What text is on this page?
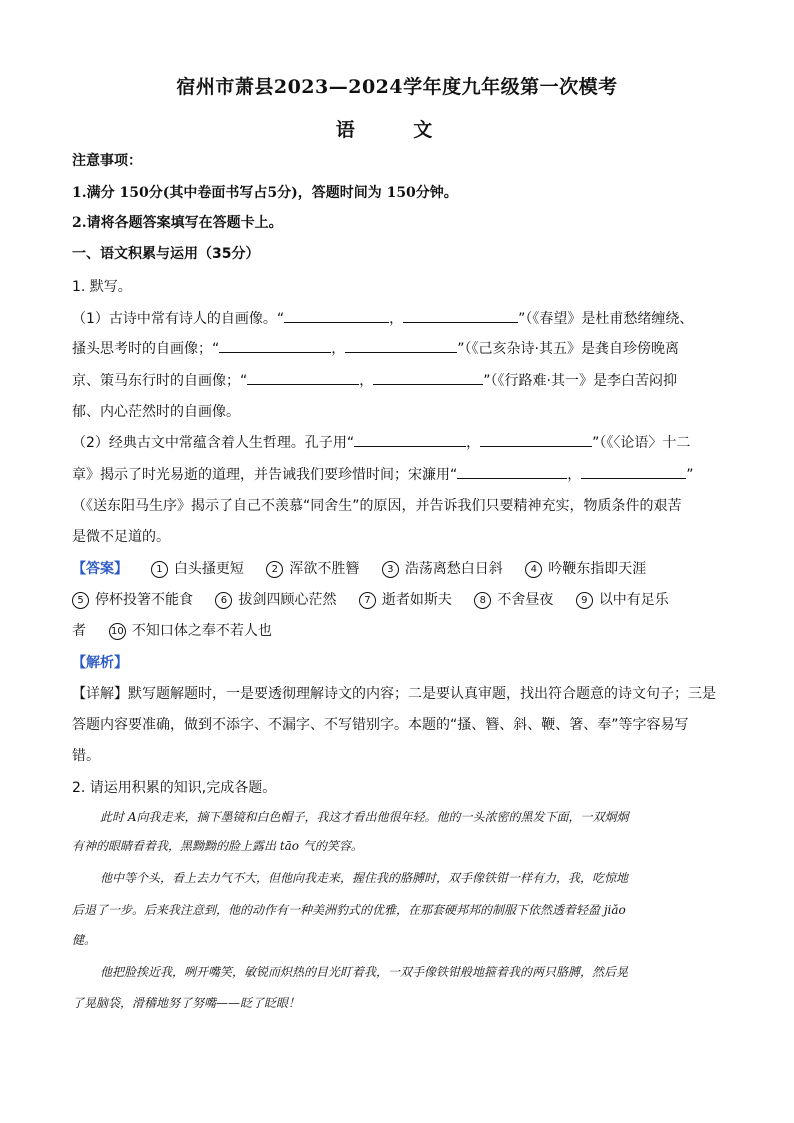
宿州市萧县2023—2024学年度九年级第一次模考
语 文
注意事项：
1.满分 150分(其中卷面书写占5分)，答题时间为 150分钟。
2.请将各题答案填写在答题卡上。
一、语文积累与运用（35分）
1. 默写。
（1）古诗中常有诗人的自画像。“	，	”（《春望》是杜甫愁绪缠绕、
搔头思考时的自画像；“	，	”（《己亥杂诗·其五》是龚自珍傍晚离
京、策马东行时的自画像；“	，	”（《行路难·其一》是李白苦闷抑
郁、内心茫然时的自画像。
（2）经典古文中常蕴含着人生哲理。孔子用“	，	”（《〈论语〉十二
章》揭示了时光易逝的道理，并告诫我们要珍惜时间；宋濂用“	，	”
（《送东阳马生序》揭示了自己不羡慕“同舍生”的原因，并告诉我们只要精神充实，物质条件的艰苦
是微不足道的。
【答案】	1 白头搔更短	2 浑欲不胜簪	3 浩荡离愁白日斜	4 吟鞭东指即天涯
5 停杯投箸不能食	6 拔剑四顾心茫然	7 逝者如斯夫	8 不舍昼夜	9 以中有足乐
者	10 不知口体之奉不若人也
【解析】
【详解】默写题解题时，一是要透彻理解诗文的内容；二是要认真审题，找出符合题意的诗文句子；三是
答题内容要准确，做到不添字、不漏字、不写错别字。本题的“搔、簪、斜、鞭、箸、奉”等字容易写
错。
2. 请运用积累的知识,完成各题。
此时 A向我走来，摘下墨镜和白色帽子，我这才看出他很年轻。他的一头浓密的黑发下面，一双炯炯
有神的眼睛看着我，黑黝黝的脸上露出 tāo 气的笑容。
他中等个头，看上去力气不大，但他向我走来，握住我的胳膊时，双手像铁钳一样有力，我，吃惊地
后退了一步。后来我注意到，他的动作有一种美洲豹式的优雅，在那套硬邦邦的制服下依然透着轻盈 jiǎo
健。
他把脸挨近我，咧开嘴笑，敏锐而炽热的目光盯着我，一双手像铁钳般地箍着我的两只胳膊，然后晃
了晃脑袋，滑稽地努了努嘴——眨了眨眼！
